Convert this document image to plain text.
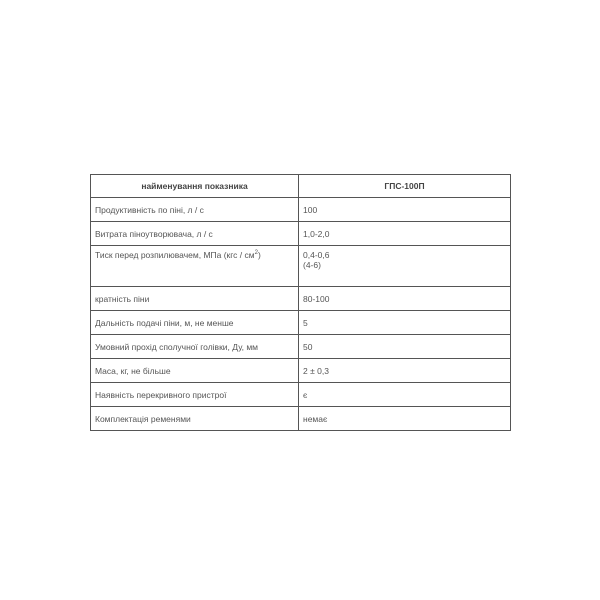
найменування показника	ГПС-100П
Продуктивність по піні, л / с	100
Витрата піноутворювача, л / с	1,0-2,0
Тиск перед розпилювачем, МПа $(кгс / см^2)$	0,4-0,6
(4-6)

кратність піни	80-100
Дальність подачі піни, м, не менше	5
Умовний прохід сполучної голівки, Ду, мм	50
Маса, кг, не більше	2 ± 0,3
Наявність перекривного пристрої	є
Комплектація ременями	немає
